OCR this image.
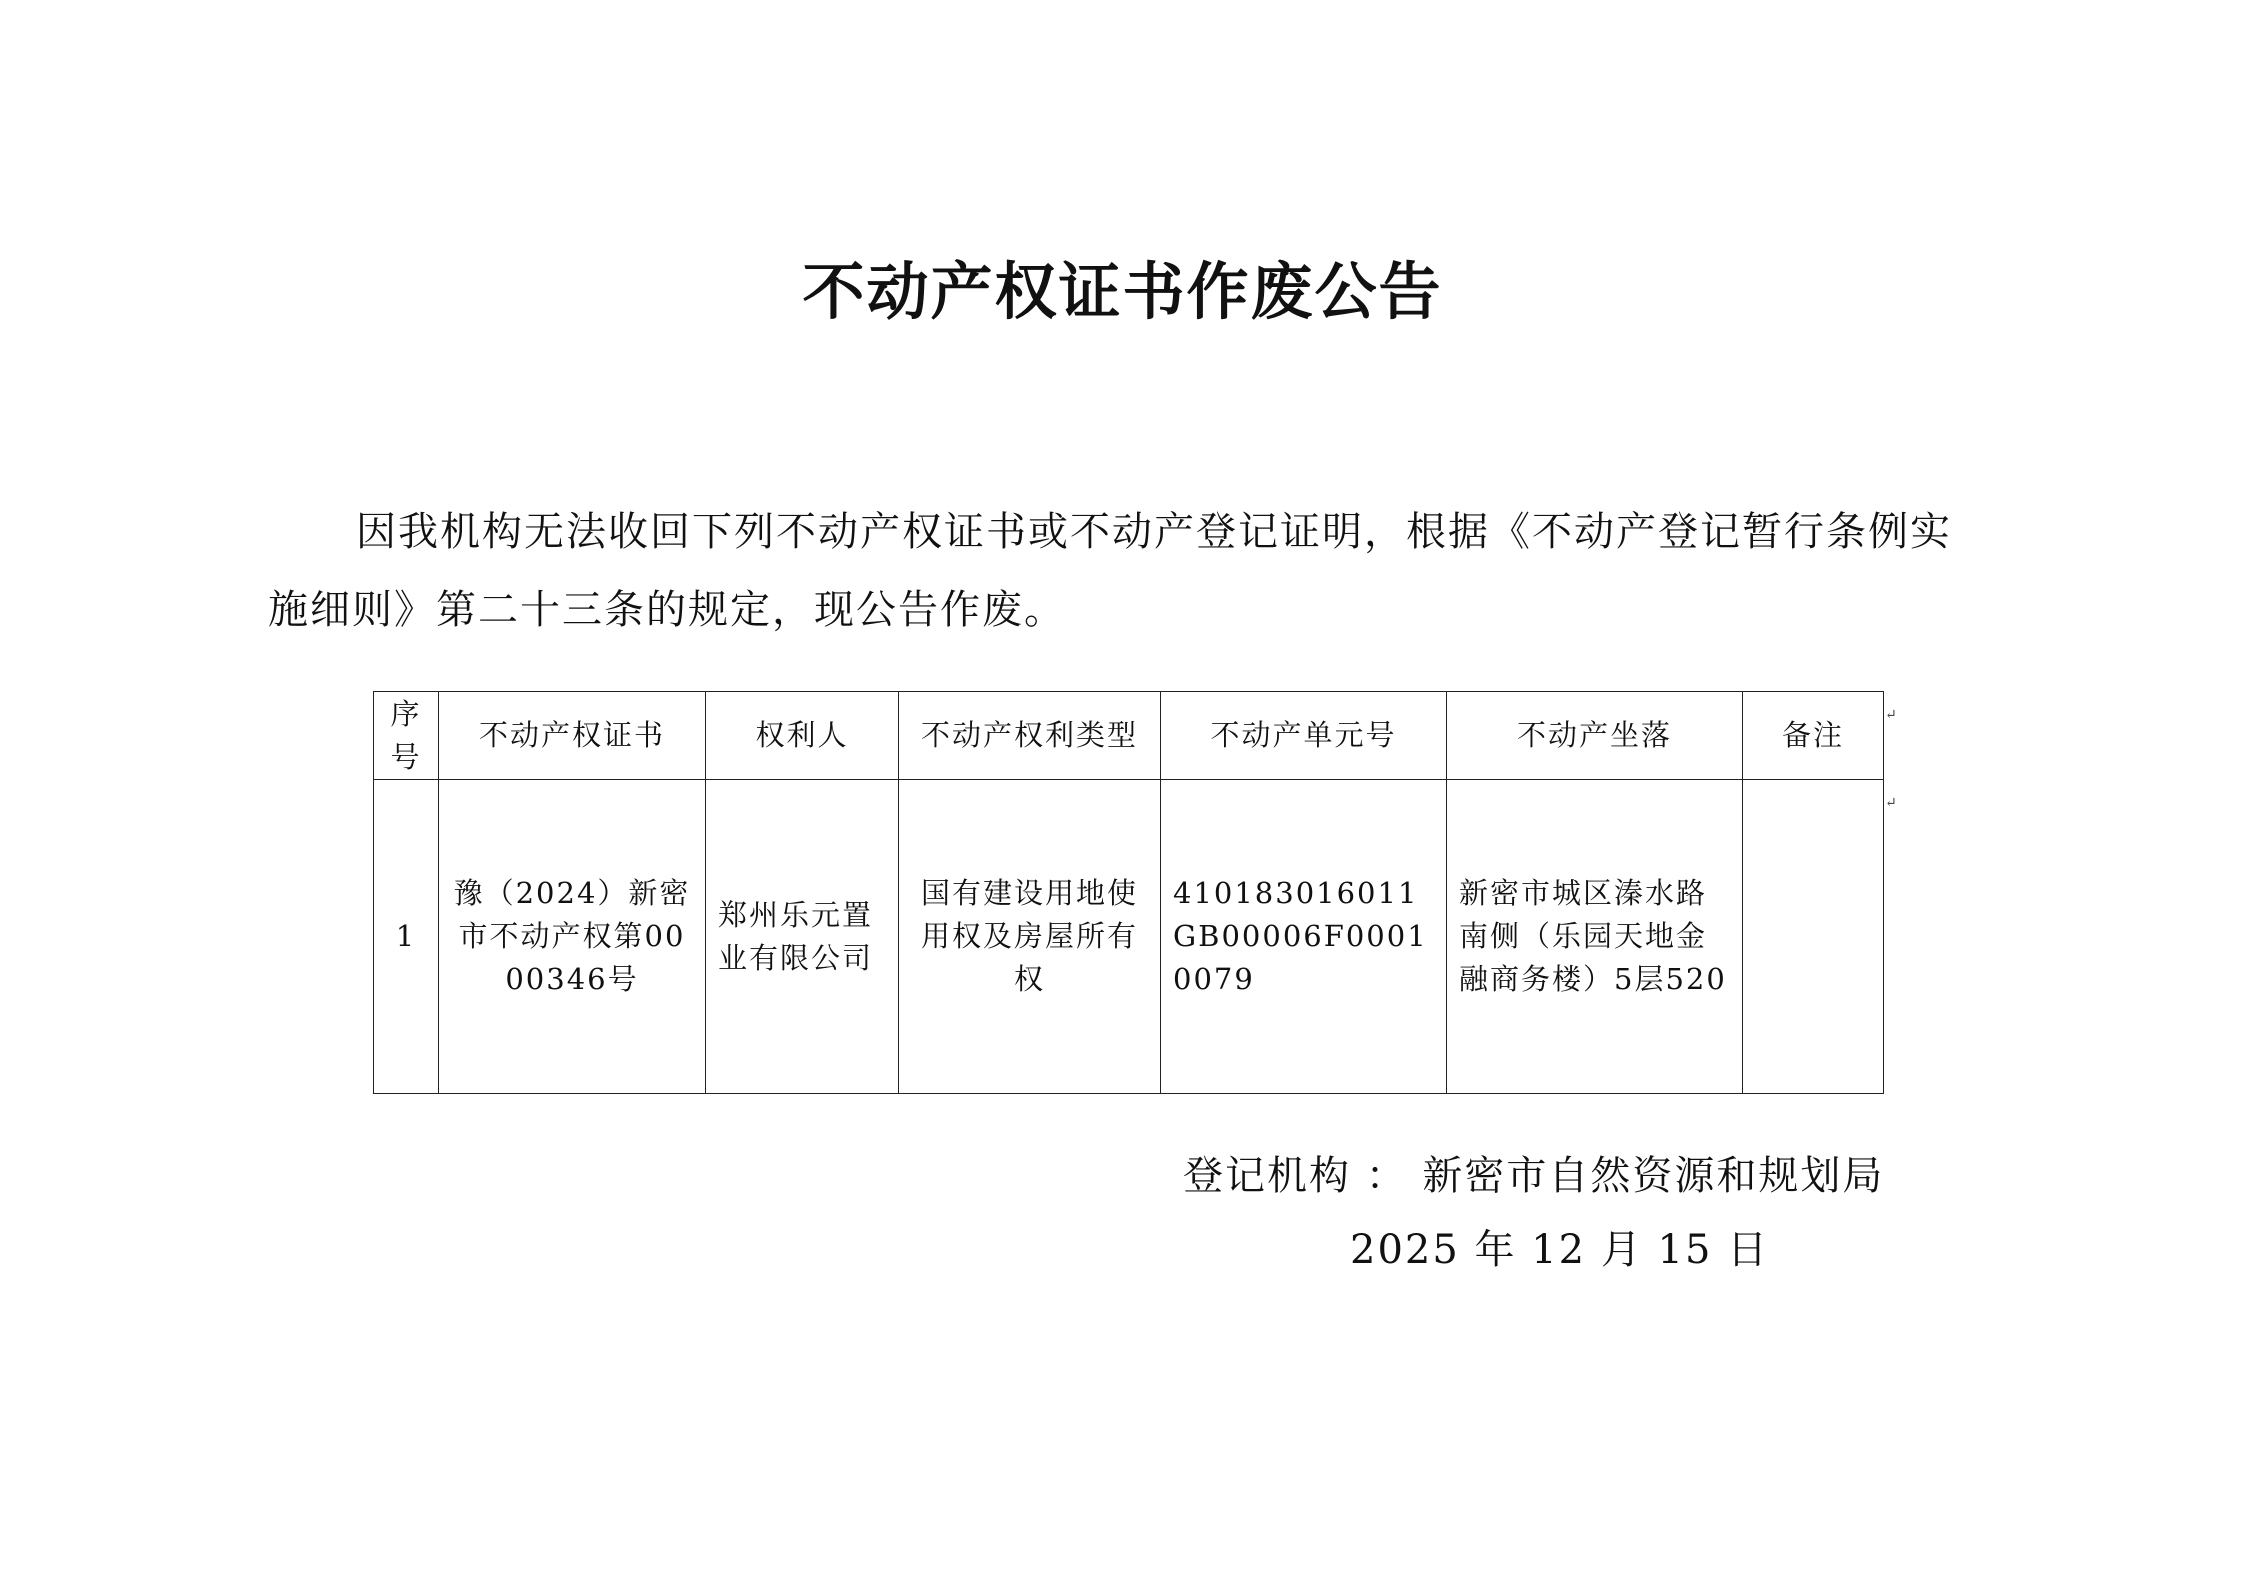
不动产权证书作废公告

因我机构无法收回下列不动产权证书或不动产登记证明，根据《不动产登记暂行条例实施细则》第二十三条的规定，现公告作废。

序号	不动产权证书	权利人	不动产权利类型	不动产单元号	不动产坐落	备注
1	豫（2024）新密市不动产权第0000346号	郑州乐元置业有限公司	国有建设用地使用权及房屋所有权	410183016011GB00006F00010079	新密市城区溱水路南侧（乐园天地金融商务楼）5层520	
↵
↵
登记机构 ： 新密市自然资源和规划局
2025 年 12 月 15 日
